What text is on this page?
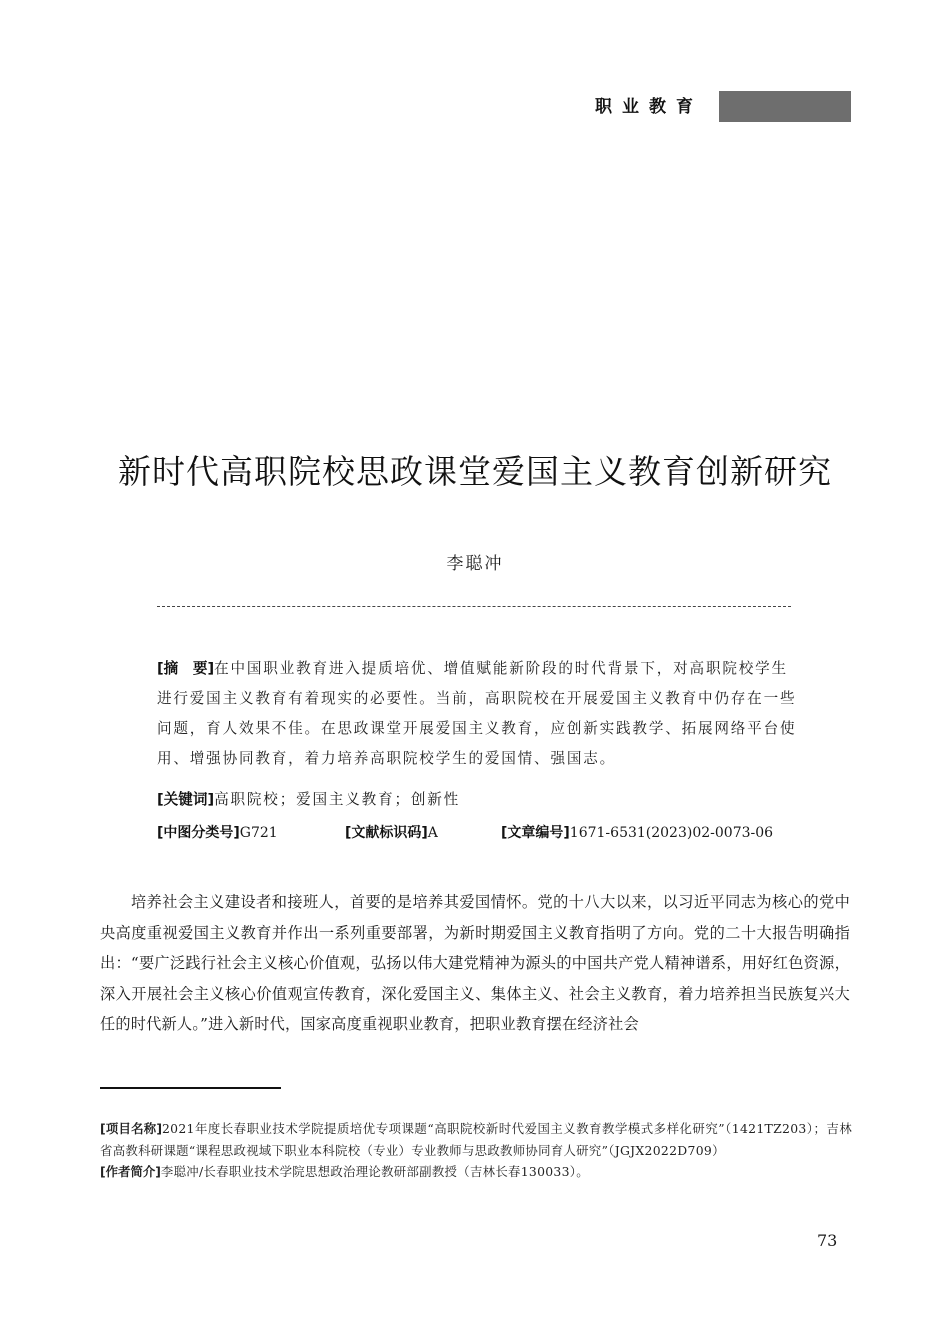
职业教育
新时代高职院校思政课堂爱国主义教育创新研究
李聪冲
[摘　要]在中国职业教育进入提质培优、增值赋能新阶段的时代背景下，对高职院校学生进行爱国主义教育有着现实的必要性。当前，高职院校在开展爱国主义教育中仍存在一些问题，育人效果不佳。在思政课堂开展爱国主义教育，应创新实践教学、拓展网络平台使用、增强协同教育，着力培养高职院校学生的爱国情、强国志。
[关键词]高职院校；爱国主义教育；创新性
[中图分类号]G721	[文献标识码]A	[文章编号]1671-6531(2023)02-0073-06
培养社会主义建设者和接班人，首要的是培养其爱国情怀。党的十八大以来，以习近平同志为核心的党中央高度重视爱国主义教育并作出一系列重要部署，为新时期爱国主义教育指明了方向。党的二十大报告明确指出：“要广泛践行社会主义核心价值观，弘扬以伟大建党精神为源头的中国共产党人精神谱系，用好红色资源，深入开展社会主义核心价值观宣传教育，深化爱国主义、集体主义、社会主义教育，着力培养担当民族复兴大任的时代新人。”进入新时代，国家高度重视职业教育，把职业教育摆在经济社会
[项目名称]2021年度长春职业技术学院提质培优专项课题“高职院校新时代爱国主义教育教学模式多样化研究”（1421TZ203）；吉林省高教科研课题“课程思政视域下职业本科院校（专业）专业教师与思政教师协同育人研究”（JGJX2022D709）
[作者简介]李聪冲/长春职业技术学院思想政治理论教研部副教授（吉林长春130033）。
73
